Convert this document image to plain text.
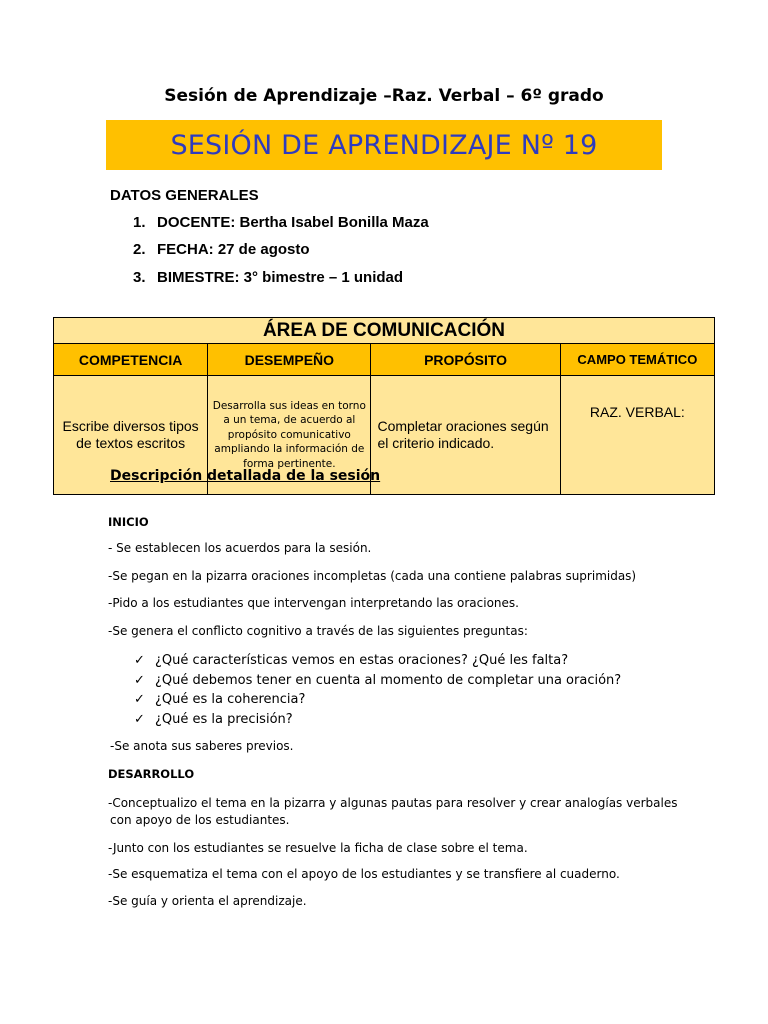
Sesión de Aprendizaje –Raz. Verbal – 6º grado
SESIÓN DE APRENDIZAJE Nº 19
DATOS GENERALES
1. DOCENTE: Bertha Isabel Bonilla Maza
2. FECHA: 27 de agosto
3. BIMESTRE: 3° bimestre – 1 unidad
ÁREA DE COMUNICACIÓN			
COMPETENCIA	DESEMPEÑO	PROPÓSITO	CAMPO TEMÁTICO
Escribe diversos tipos de textos escritos	Desarrolla sus ideas en torno a un tema, de acuerdo al propósito comunicativo ampliando la información de forma pertinente.	Completar oraciones según el criterio indicado.	RAZ. VERBAL:
Descripción detallada de la sesión
INICIO
- Se establecen los acuerdos para la sesión.
-Se pegan en la pizarra oraciones incompletas (cada una contiene palabras suprimidas)
-Pido a los estudiantes que intervengan interpretando las oraciones.
-Se genera el conflicto cognitivo a través de las siguientes preguntas:
✓ ¿Qué características vemos en estas oraciones? ¿Qué les falta?
✓ ¿Qué debemos tener en cuenta al momento de completar una oración?
✓ ¿Qué es la coherencia?
✓ ¿Qué es la precisión?
-Se anota sus saberes previos.
DESARROLLO
-Conceptualizo el tema en la pizarra y algunas pautas para resolver y crear analogías verbales
con apoyo de los estudiantes.
-Junto con los estudiantes se resuelve la ficha de clase sobre el tema.
-Se esquematiza el tema con el apoyo de los estudiantes y se transfiere al cuaderno.
-Se guía y orienta el aprendizaje.
